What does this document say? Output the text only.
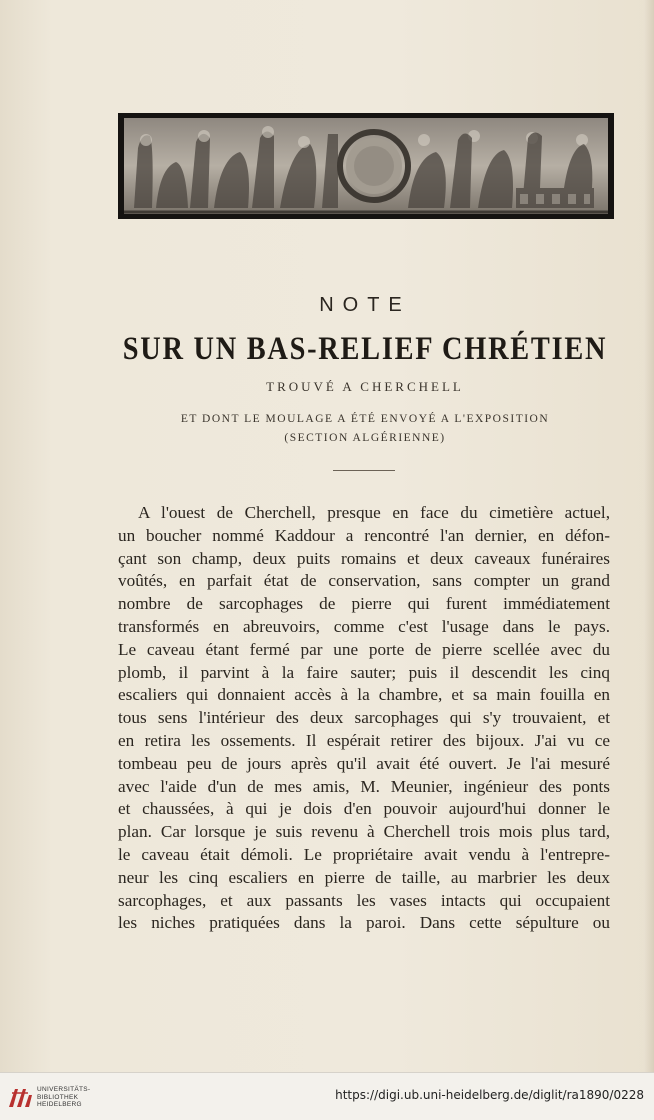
NOTE
SUR UN BAS-RELIEF CHRÉTIEN
TROUVÉ A CHERCHELL
ET DONT LE MOULAGE A ÉTÉ ENVOYÉ A L'EXPOSITION
(SECTION ALGÉRIENNE)
A l'ouest de Cherchell, presque en face du cimetière actuel,
un boucher nommé Kaddour a rencontré l'an dernier, en défon-
çant son champ, deux puits romains et deux caveaux funéraires
voûtés, en parfait état de conservation, sans compter un grand
nombre de sarcophages de pierre qui furent immédiatement
transformés en abreuvoirs, comme c'est l'usage dans le pays.
Le caveau étant fermé par une porte de pierre scellée avec du
plomb, il parvint à la faire sauter; puis il descendit les cinq
escaliers qui donnaient accès à la chambre, et sa main fouilla en
tous sens l'intérieur des deux sarcophages qui s'y trouvaient, et
en retira les ossements. Il espérait retirer des bijoux. J'ai vu ce
tombeau peu de jours après qu'il avait été ouvert. Je l'ai mesuré
avec l'aide d'un de mes amis, M. Meunier, ingénieur des ponts
et chaussées, à qui je dois d'en pouvoir aujourd'hui donner le
plan. Car lorsque je suis revenu à Cherchell trois mois plus tard,
le caveau était démoli. Le propriétaire avait vendu à l'entrepre-
neur les cinq escaliers en pierre de taille, au marbrier les deux
sarcophages, et aux passants les vases intacts qui occupaient
les niches pratiquées dans la paroi. Dans cette sépulture ou
UNIVERSITÄTS-
BIBLIOTHEK
HEIDELBERG
https://digi.ub.uni-heidelberg.de/diglit/ra1890/0228
